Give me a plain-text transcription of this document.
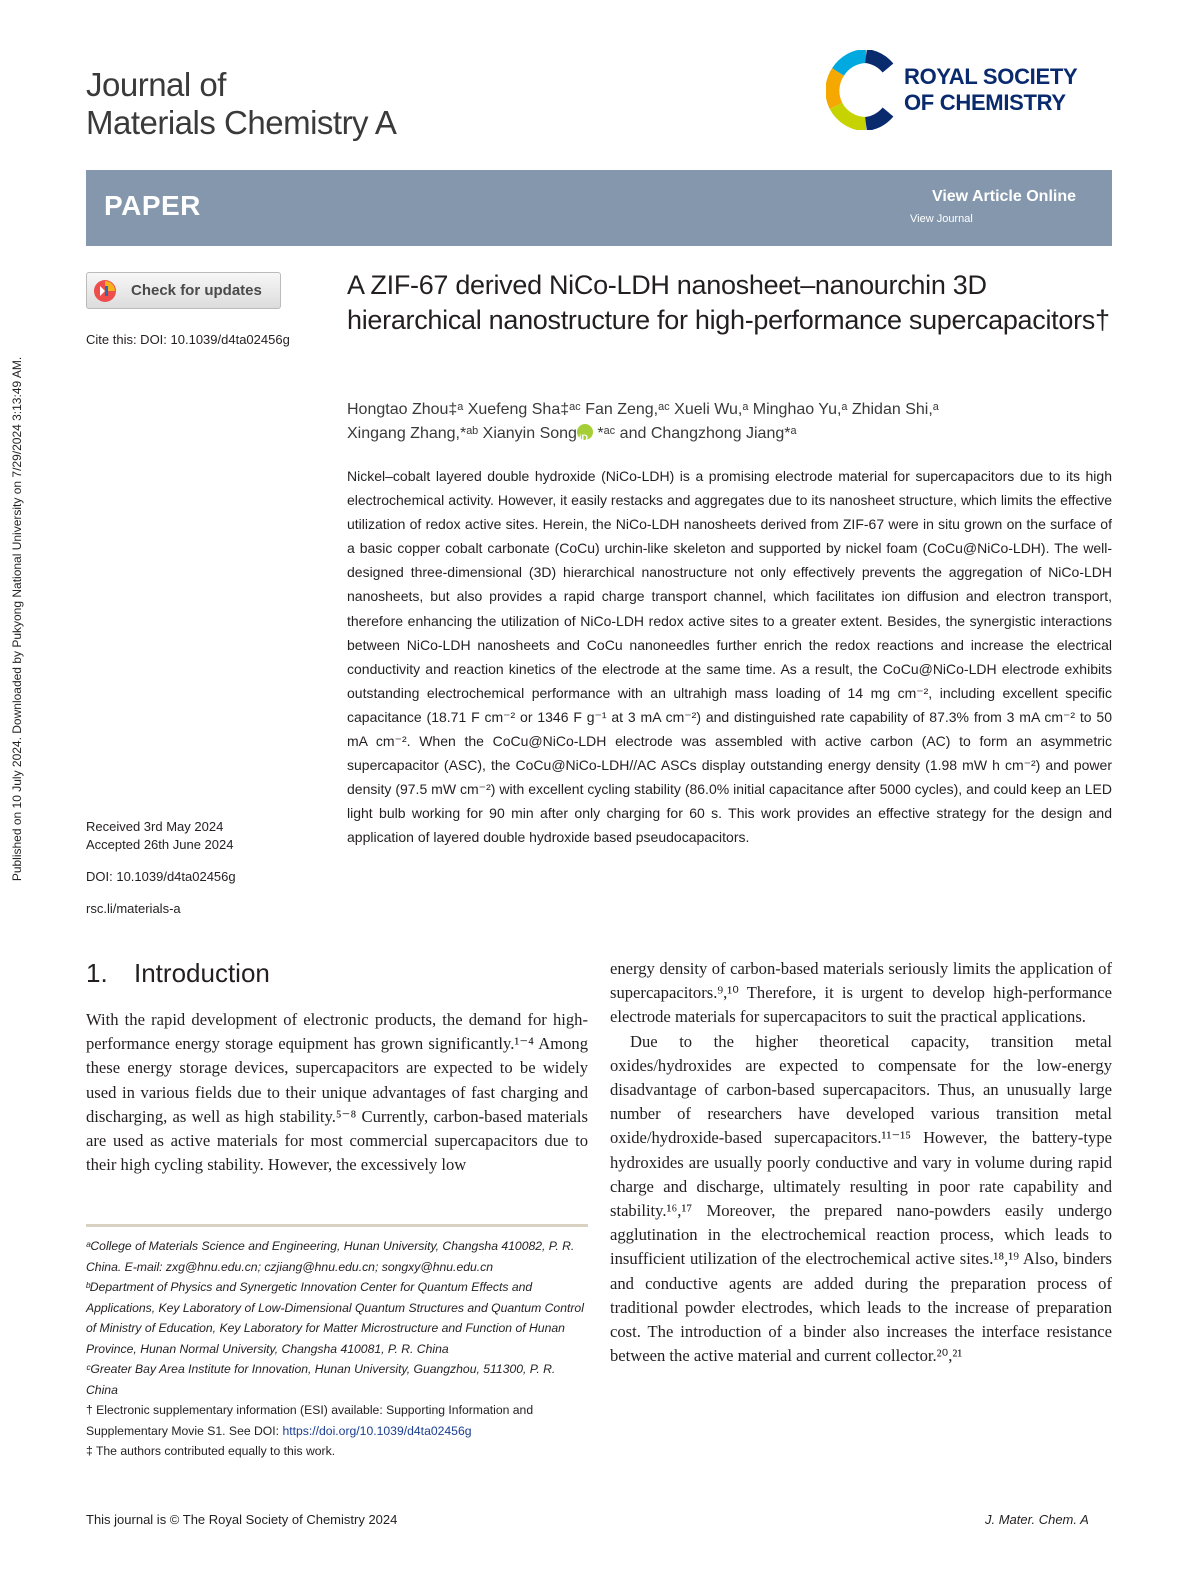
Journal of
Materials Chemistry A
ROYAL SOCIETY
OF CHEMISTRY
PAPER	View Article Online
View Journal
Published on 10 July 2024. Downloaded by Pukyong National University on 7/29/2024 3:13:49 AM.
Check for updates
Cite this: DOI: 10.1039/d4ta02456g
Received 3rd May 2024
Accepted 26th June 2024
DOI: 10.1039/d4ta02456g
rsc.li/materials-a
A ZIF-67 derived NiCo-LDH nanosheet–nanourchin 3D hierarchical nanostructure for high-performance supercapacitors†
Hongtao Zhou‡ᵃ Xuefeng Sha‡ᵃᶜ Fan Zeng,ᵃᶜ Xueli Wu,ᵃ Minghao Yu,ᵃ Zhidan Shi,ᵃ
Xingang Zhang,*ᵃᵇ Xianyin SongiD *ᵃᶜ and Changzhong Jiang*ᵃ
Nickel–cobalt layered double hydroxide (NiCo-LDH) is a promising electrode material for supercapacitors due to its high electrochemical activity. However, it easily restacks and aggregates due to its nanosheet structure, which limits the effective utilization of redox active sites. Herein, the NiCo-LDH nanosheets derived from ZIF-67 were in situ grown on the surface of a basic copper cobalt carbonate (CoCu) urchin-like skeleton and supported by nickel foam (CoCu@NiCo-LDH). The well-designed three-dimensional (3D) hierarchical nanostructure not only effectively prevents the aggregation of NiCo-LDH nanosheets, but also provides a rapid charge transport channel, which facilitates ion diffusion and electron transport, therefore enhancing the utilization of NiCo-LDH redox active sites to a greater extent. Besides, the synergistic interactions between NiCo-LDH nanosheets and CoCu nanoneedles further enrich the redox reactions and increase the electrical conductivity and reaction kinetics of the electrode at the same time. As a result, the CoCu@NiCo-LDH electrode exhibits outstanding electrochemical performance with an ultrahigh mass loading of 14 mg cm⁻², including excellent specific capacitance (18.71 F cm⁻² or 1346 F g⁻¹ at 3 mA cm⁻²) and distinguished rate capability of 87.3% from 3 mA cm⁻² to 50 mA cm⁻². When the CoCu@NiCo-LDH electrode was assembled with active carbon (AC) to form an asymmetric supercapacitor (ASC), the CoCu@NiCo-LDH//AC ASCs display outstanding energy density (1.98 mW h cm⁻²) and power density (97.5 mW cm⁻²) with excellent cycling stability (86.0% initial capacitance after 5000 cycles), and could keep an LED light bulb working for 90 min after only charging for 60 s. This work provides an effective strategy for the design and application of layered double hydroxide based pseudocapacitors.
1. Introduction
With the rapid development of electronic products, the demand for high-performance energy storage equipment has grown significantly.¹⁻⁴ Among these energy storage devices, supercapacitors are expected to be widely used in various fields due to their unique advantages of fast charging and discharging, as well as high stability.⁵⁻⁸ Currently, carbon-based materials are used as active materials for most commercial supercapacitors due to their high cycling stability. However, the excessively low
energy density of carbon-based materials seriously limits the application of supercapacitors.⁹,¹⁰ Therefore, it is urgent to develop high-performance electrode materials for supercapacitors to suit the practical applications.
Due to the higher theoretical capacity, transition metal oxides/hydroxides are expected to compensate for the low-energy disadvantage of carbon-based supercapacitors. Thus, an unusually large number of researchers have developed various transition metal oxide/hydroxide-based supercapacitors.¹¹⁻¹⁵ However, the battery-type hydroxides are usually poorly conductive and vary in volume during rapid charge and discharge, ultimately resulting in poor rate capability and stability.¹⁶,¹⁷ Moreover, the prepared nano-powders easily undergo agglutination in the electrochemical reaction process, which leads to insufficient utilization of the electrochemical active sites.¹⁸,¹⁹ Also, binders and conductive agents are added during the preparation process of traditional powder electrodes, which leads to the increase of preparation cost. The introduction of a binder also increases the interface resistance between the active material and current collector.²⁰,²¹

ᵃCollege of Materials Science and Engineering, Hunan University, Changsha 410082, P. R. China. E-mail: zxg@hnu.edu.cn; czjiang@hnu.edu.cn; songxy@hnu.edu.cn

ᵇDepartment of Physics and Synergetic Innovation Center for Quantum Effects and Applications, Key Laboratory of Low-Dimensional Quantum Structures and Quantum Control of Ministry of Education, Key Laboratory for Matter Microstructure and Function of Hunan Province, Hunan Normal University, Changsha 410081, P. R. China

ᶜGreater Bay Area Institute for Innovation, Hunan University, Guangzhou, 511300, P. R. China

† Electronic supplementary information (ESI) available: Supporting Information and Supplementary Movie S1. See DOI: https://doi.org/10.1039/d4ta02456g

‡ The authors contributed equally to this work.

This journal is © The Royal Society of Chemistry 2024	J. Mater. Chem. A
